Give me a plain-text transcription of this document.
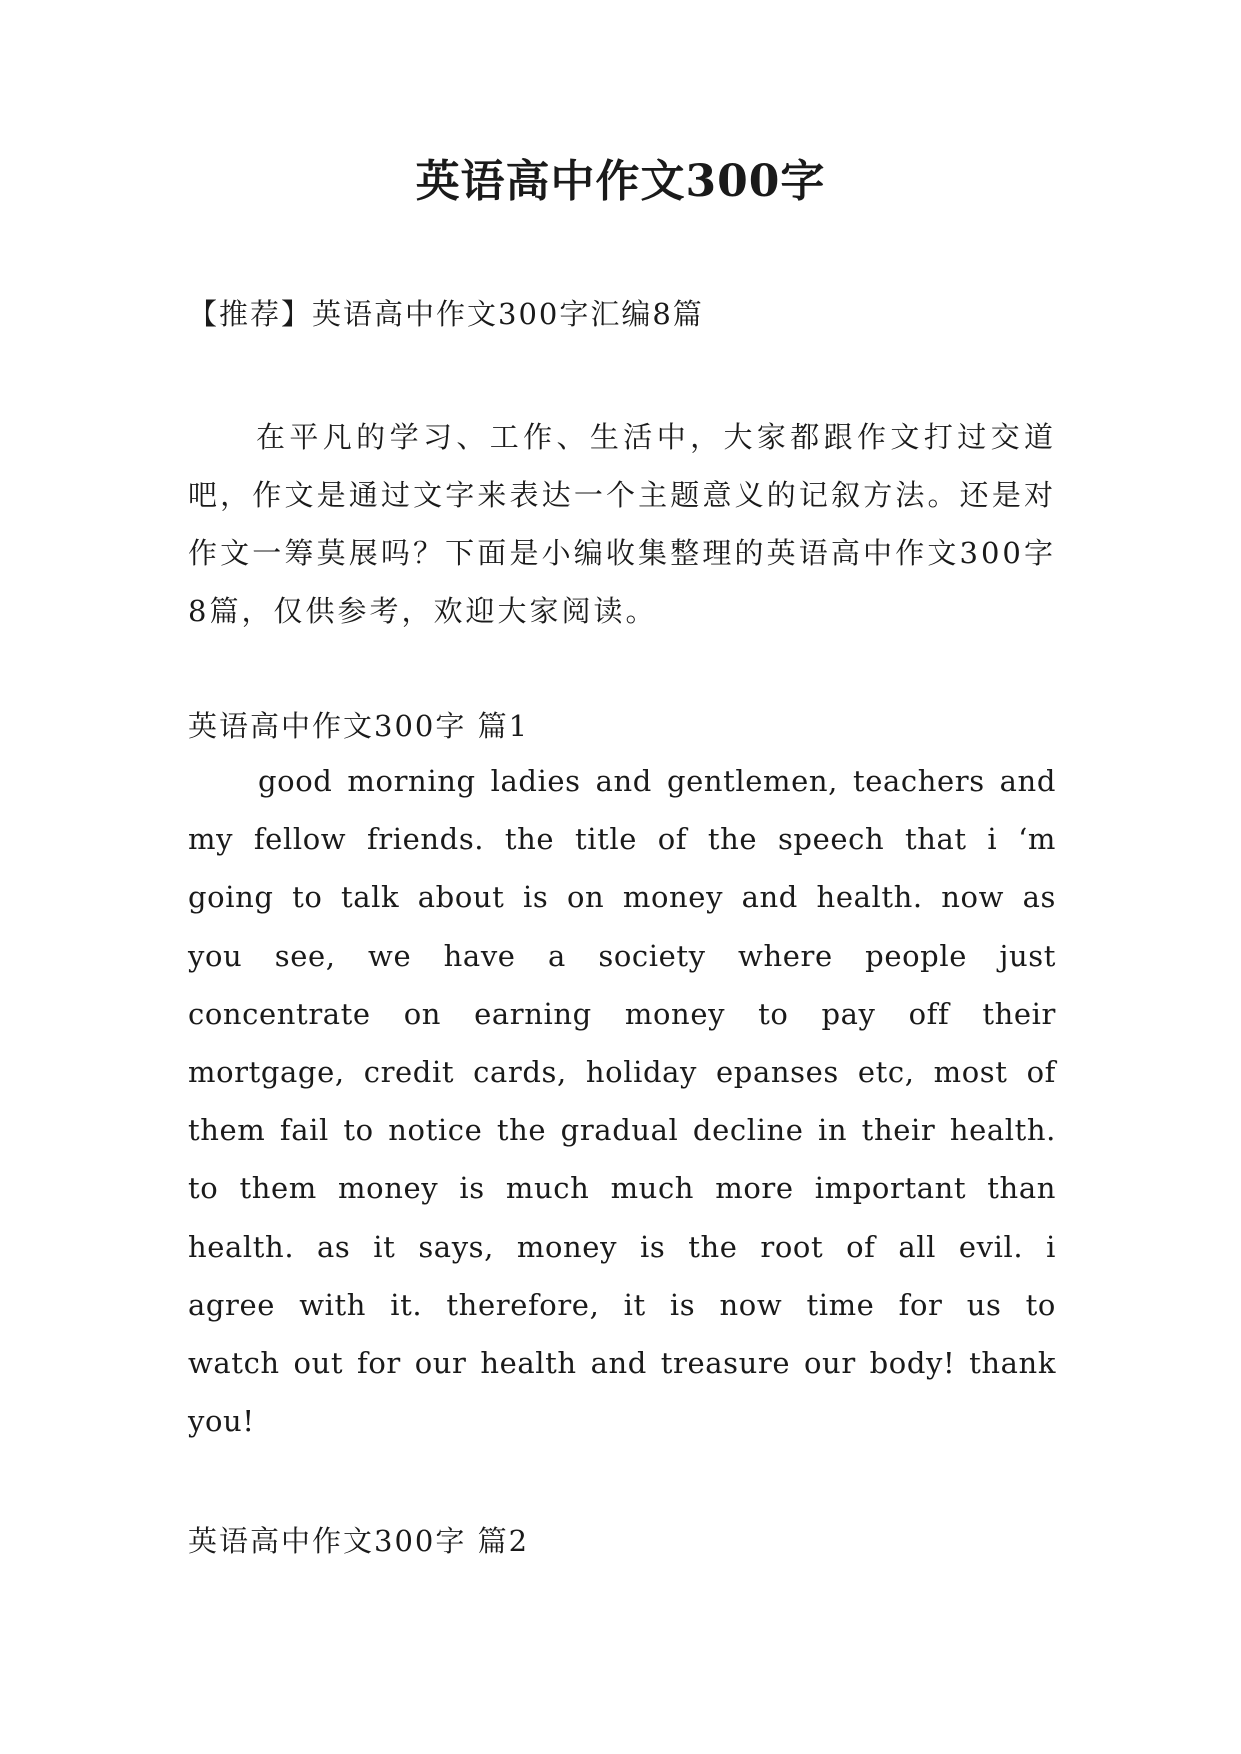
英语高中作文300字

【推荐】英语高中作文300字汇编8篇

在平凡的学习、工作、生活中，大家都跟作文打过交道吧，作文是通过文字来表达一个主题意义的记叙方法。还是对作文一筹莫展吗？下面是小编收集整理的英语高中作文300字8篇，仅供参考，欢迎大家阅读。

英语高中作文300字 篇1

good morning ladies and gentlemen, teachers and my fellow friends. the title of the speech that i ‘m going to talk about is on money and health. now as you see, we have a society where people just concentrate on earning money to pay off their mortgage, credit cards, holiday epanses etc, most of them fail to notice the gradual decline in their health. to them money is much much more important than health. as it says, money is the root of all evil. i agree with it. therefore, it is now time for us to watch out for our health and treasure our body! thank you!

英语高中作文300字 篇2
